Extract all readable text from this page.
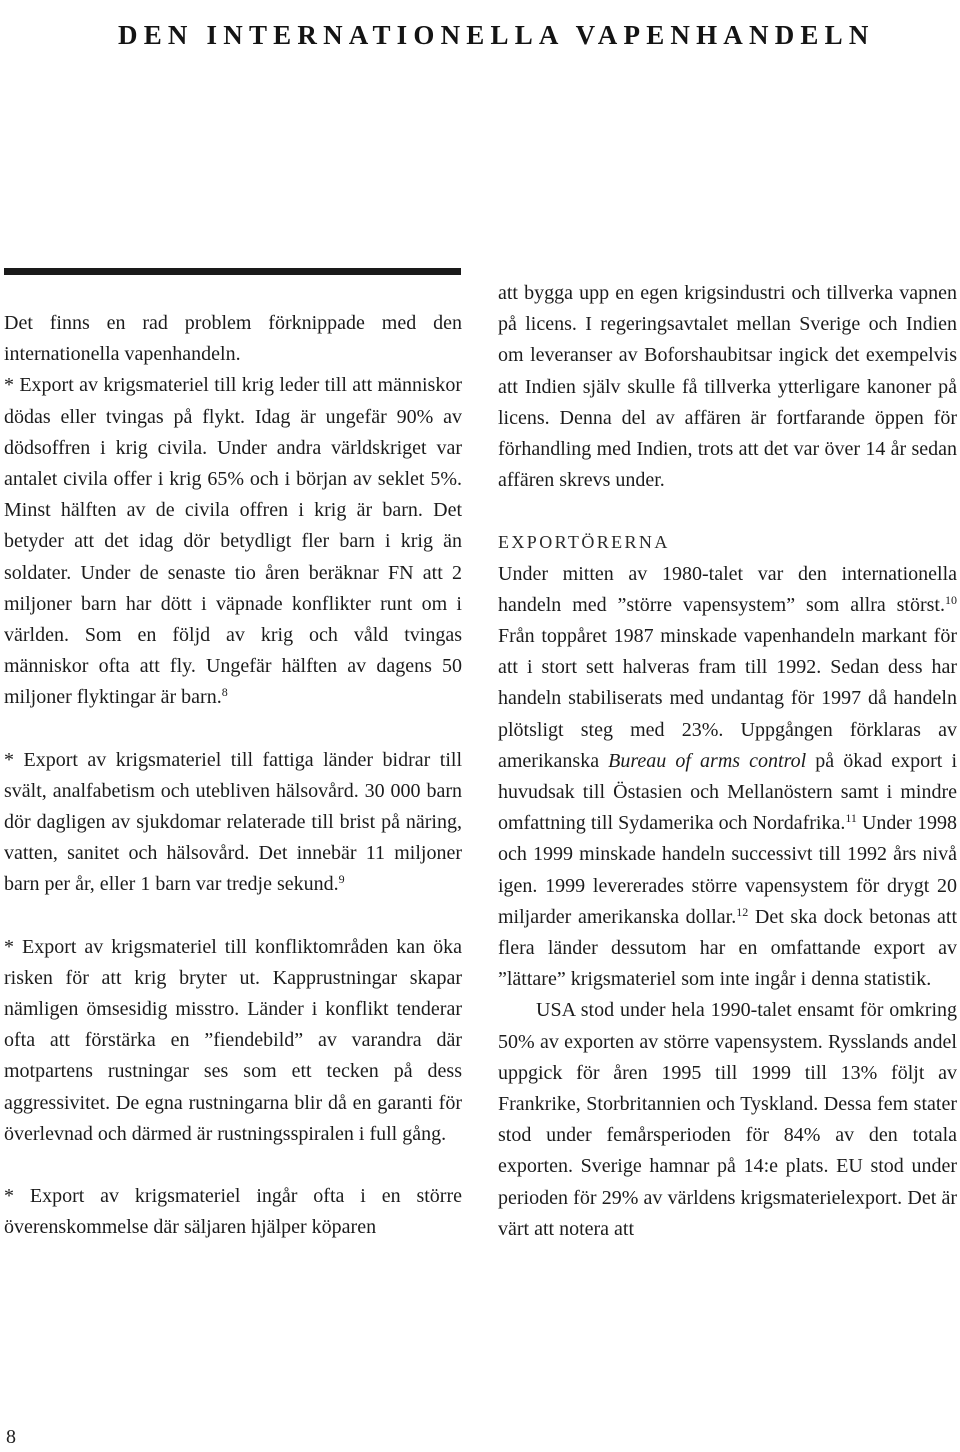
DEN INTERNATIONELLA VAPENHANDELN

Det finns en rad problem förknippade med den internationella vapenhandeln.
* Export av krigsmateriel till krig leder till att människor dödas eller tvingas på flykt. Idag är ungefär 90% av dödsoffren i krig civila. Under andra världskriget var antalet civila offer i krig 65% och i början av seklet 5%. Minst hälften av de civila offren i krig är barn. Det betyder att det idag dör betydligt fler barn i krig än soldater. Under de senaste tio åren beräknar FN att 2 miljoner barn har dött i väpnade konflikter runt om i världen. Som en följd av krig och våld tvingas människor ofta att fly. Ungefär hälften av dagens 50 miljoner flyktingar är barn.$^8$

* Export av krigsmateriel till fattiga länder bidrar till svält, analfabetism och utebliven hälsovård. 30 000 barn dör dagligen av sjukdomar relaterade till brist på näring, vatten, sanitet och hälsovård. Det innebär 11 miljoner barn per år, eller 1 barn var tredje sekund.$^9$

* Export av krigsmateriel till konfliktområden kan öka risken för att krig bryter ut. Kapprustningar skapar nämligen ömsesidig misstro. Länder i konflikt tenderar ofta att förstärka en ”fiendebild” av varandra där motpartens rustningar ses som ett tecken på dess aggressivitet. De egna rustningarna blir då en garanti för överlevnad och därmed är rustningsspiralen i full gång.

* Export av krigsmateriel ingår ofta i en större överenskommelse där säljaren hjälper köparen

att bygga upp en egen krigsindustri och tillverka vapnen på licens. I regeringsavtalet mellan Sverige och Indien om leveranser av Boforshaubitsar ingick det exempelvis att Indien själv skulle få tillverka ytterligare kanoner på licens. Denna del av affären är fortfarande öppen för förhandling med Indien, trots att det var över 14 år sedan affären skrevs under.

EXPORTÖRERNA

Under mitten av 1980-talet var den internationella handeln med ”större vapensystem” som allra störst.$^{10}$ Från toppåret 1987 minskade vapenhandeln markant för att i stort sett halveras fram till 1992. Sedan dess har handeln stabiliserats med undantag för 1997 då handeln plötsligt steg med 23%. Uppgången förklaras av amerikanska Bureau of arms control på ökad export i huvudsak till Östasien och Mellanöstern samt i mindre omfattning till Sydamerika och Nordafrika.$^{11}$ Under 1998 och 1999 minskade handeln successivt till 1992 års nivå igen. 1999 levererades större vapensystem för drygt 20 miljarder amerikanska dollar.$^{12}$ Det ska dock betonas att flera länder dessutom har en omfattande export av ”lättare” krigsmateriel som inte ingår i denna statistik.

USA stod under hela 1990-talet ensamt för omkring 50% av exporten av större vapensystem. Rysslands andel uppgick för åren 1995 till 1999 till 13% följt av Frankrike, Storbritannien och Tyskland. Dessa fem stater stod under femårsperioden för 84% av den totala exporten. Sverige hamnar på 14:e plats. EU stod under perioden för 29% av världens krigsmaterielexport. Det är värt att notera att

8
